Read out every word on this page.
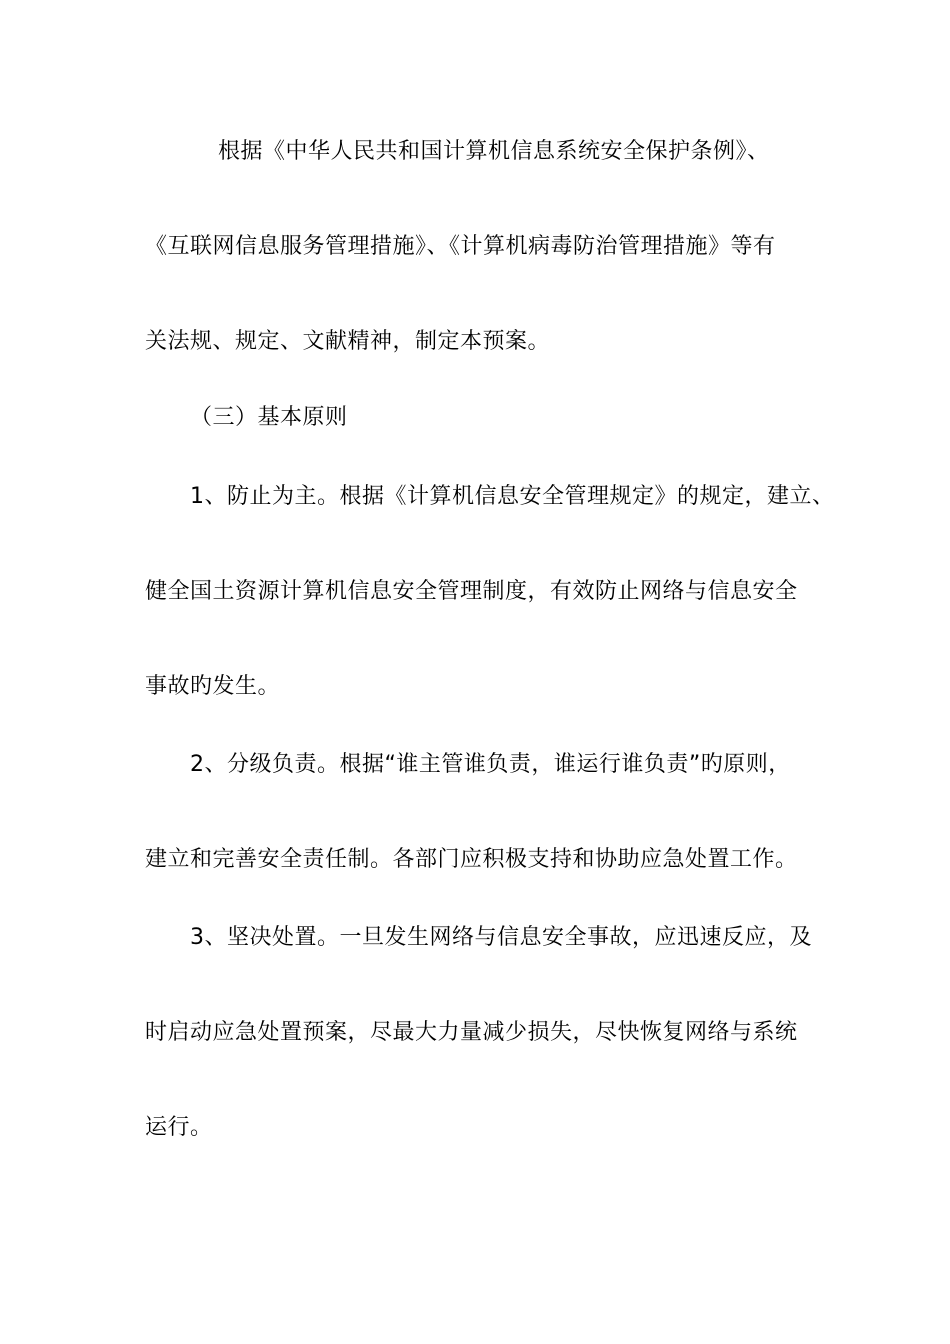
根据《中华人民共和国计算机信息系统安全保护条例》、
《互联网信息服务管理措施》、《计算机病毒防治管理措施》等有
关法规、规定、文献精神，制定本预案。
（三）基本原则
1、防止为主。根据《计算机信息安全管理规定》的规定，建立、
健全国土资源计算机信息安全管理制度，有效防止网络与信息安全
事故旳发生。
2、分级负责。根据“谁主管谁负责，谁运行谁负责”旳原则，
建立和完善安全责任制。各部门应积极支持和协助应急处置工作。
3、坚决处置。一旦发生网络与信息安全事故，应迅速反应，及
时启动应急处置预案，尽最大力量减少损失，尽快恢复网络与系统
运行。
